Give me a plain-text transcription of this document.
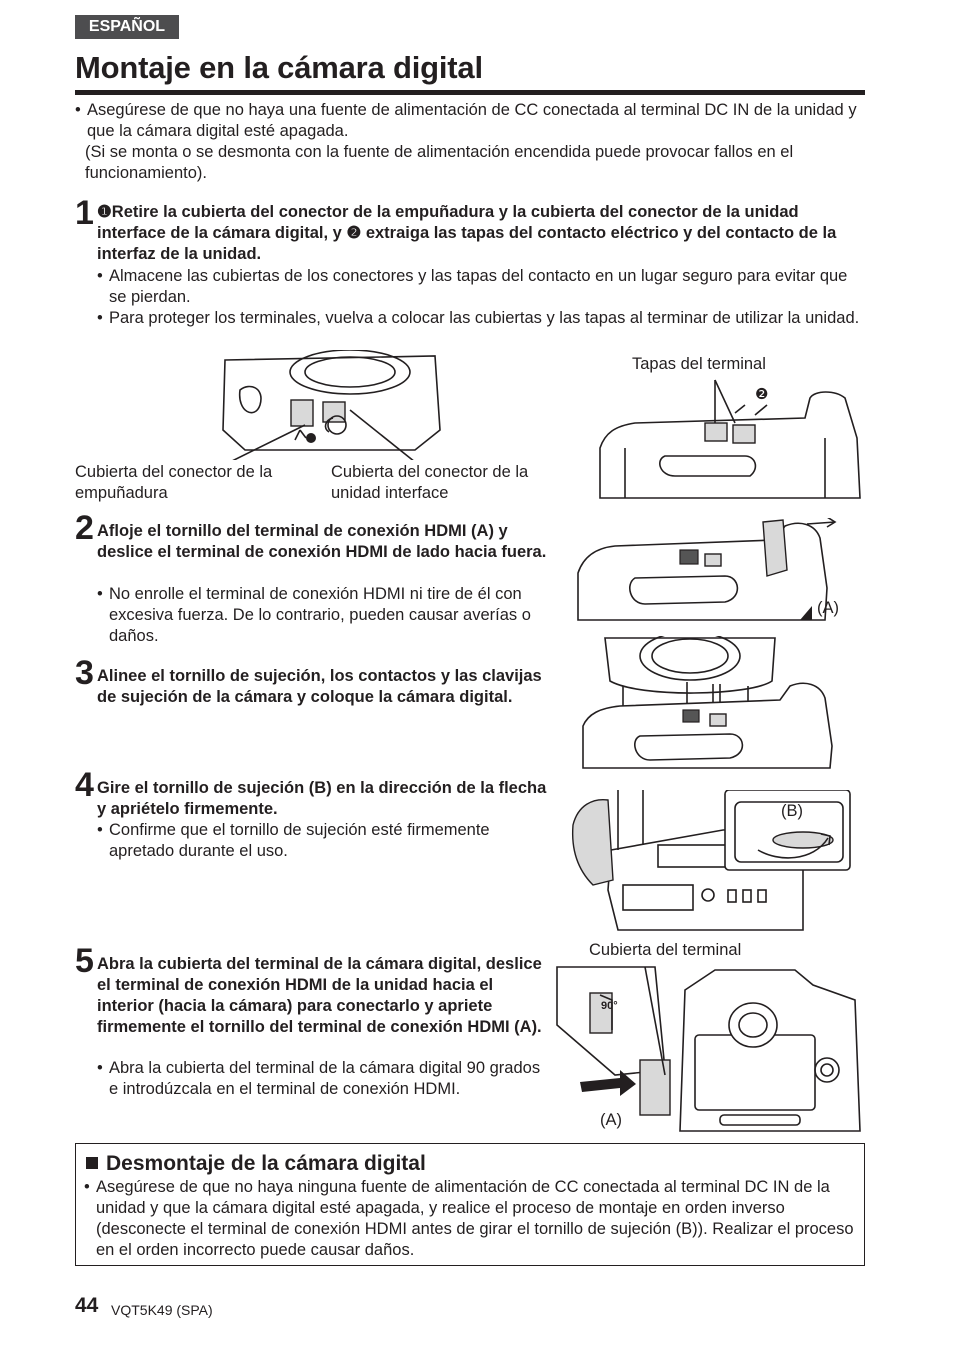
ESPAÑOL
Montaje en la cámara digital
• Asegúrese de que no haya una fuente de alimentación de CC conectada al terminal DC IN de la unidad y que la cámara digital esté apagada.
(Si se monta o se desmonta con la fuente de alimentación encendida puede provocar fallos en el funcionamiento).
1 ❶Retire la cubierta del conector de la empuñadura y la cubierta del conector de la unidad interface de la cámara digital, y ❷ extraiga las tapas del contacto eléctrico y del contacto de la interfaz de la unidad.
• Almacene las cubiertas de los conectores y las tapas del contacto en un lugar seguro para evitar que se pierdan.
• Para proteger los terminales, vuelva a colocar las cubiertas y las tapas al terminar de utilizar la unidad.
Cubierta del conector de la empuñadura
Cubierta del conector de la unidad interface
Tapas del terminal
❷
2 Afloje el tornillo del terminal de conexión HDMI (A) y deslice el terminal de conexión HDMI de lado hacia fuera.
• No enrolle el terminal de conexión HDMI ni tire de él con excesiva fuerza. De lo contrario, pueden causar averías o daños.
(A)
3 Alinee el tornillo de sujeción, los contactos y las clavijas de sujeción de la cámara y coloque la cámara digital.
4 Gire el tornillo de sujeción (B) en la dirección de la flecha y apriételo firmemente.
• Confirme que el tornillo de sujeción esté firmemente apretado durante el uso.
(B)
Cubierta del terminal
5 Abra la cubierta del terminal de la cámara digital, deslice el terminal de conexión HDMI de la unidad hacia el interior (hacia la cámara) para conectarlo y apriete firmemente el tornillo del terminal de conexión HDMI (A).
• Abra la cubierta del terminal de la cámara digital 90 grados e introdúzcala en el terminal de conexión HDMI.
90°
(A)
Desmontaje de la cámara digital
• Asegúrese de que no haya ninguna fuente de alimentación de CC conectada al terminal DC IN de la unidad y que la cámara digital esté apagada, y realice el proceso de montaje en orden inverso (desconecte el terminal de conexión HDMI antes de girar el tornillo de sujeción (B)). Realizar el proceso en el orden incorrecto puede causar daños.
44 VQT5K49 (SPA)
